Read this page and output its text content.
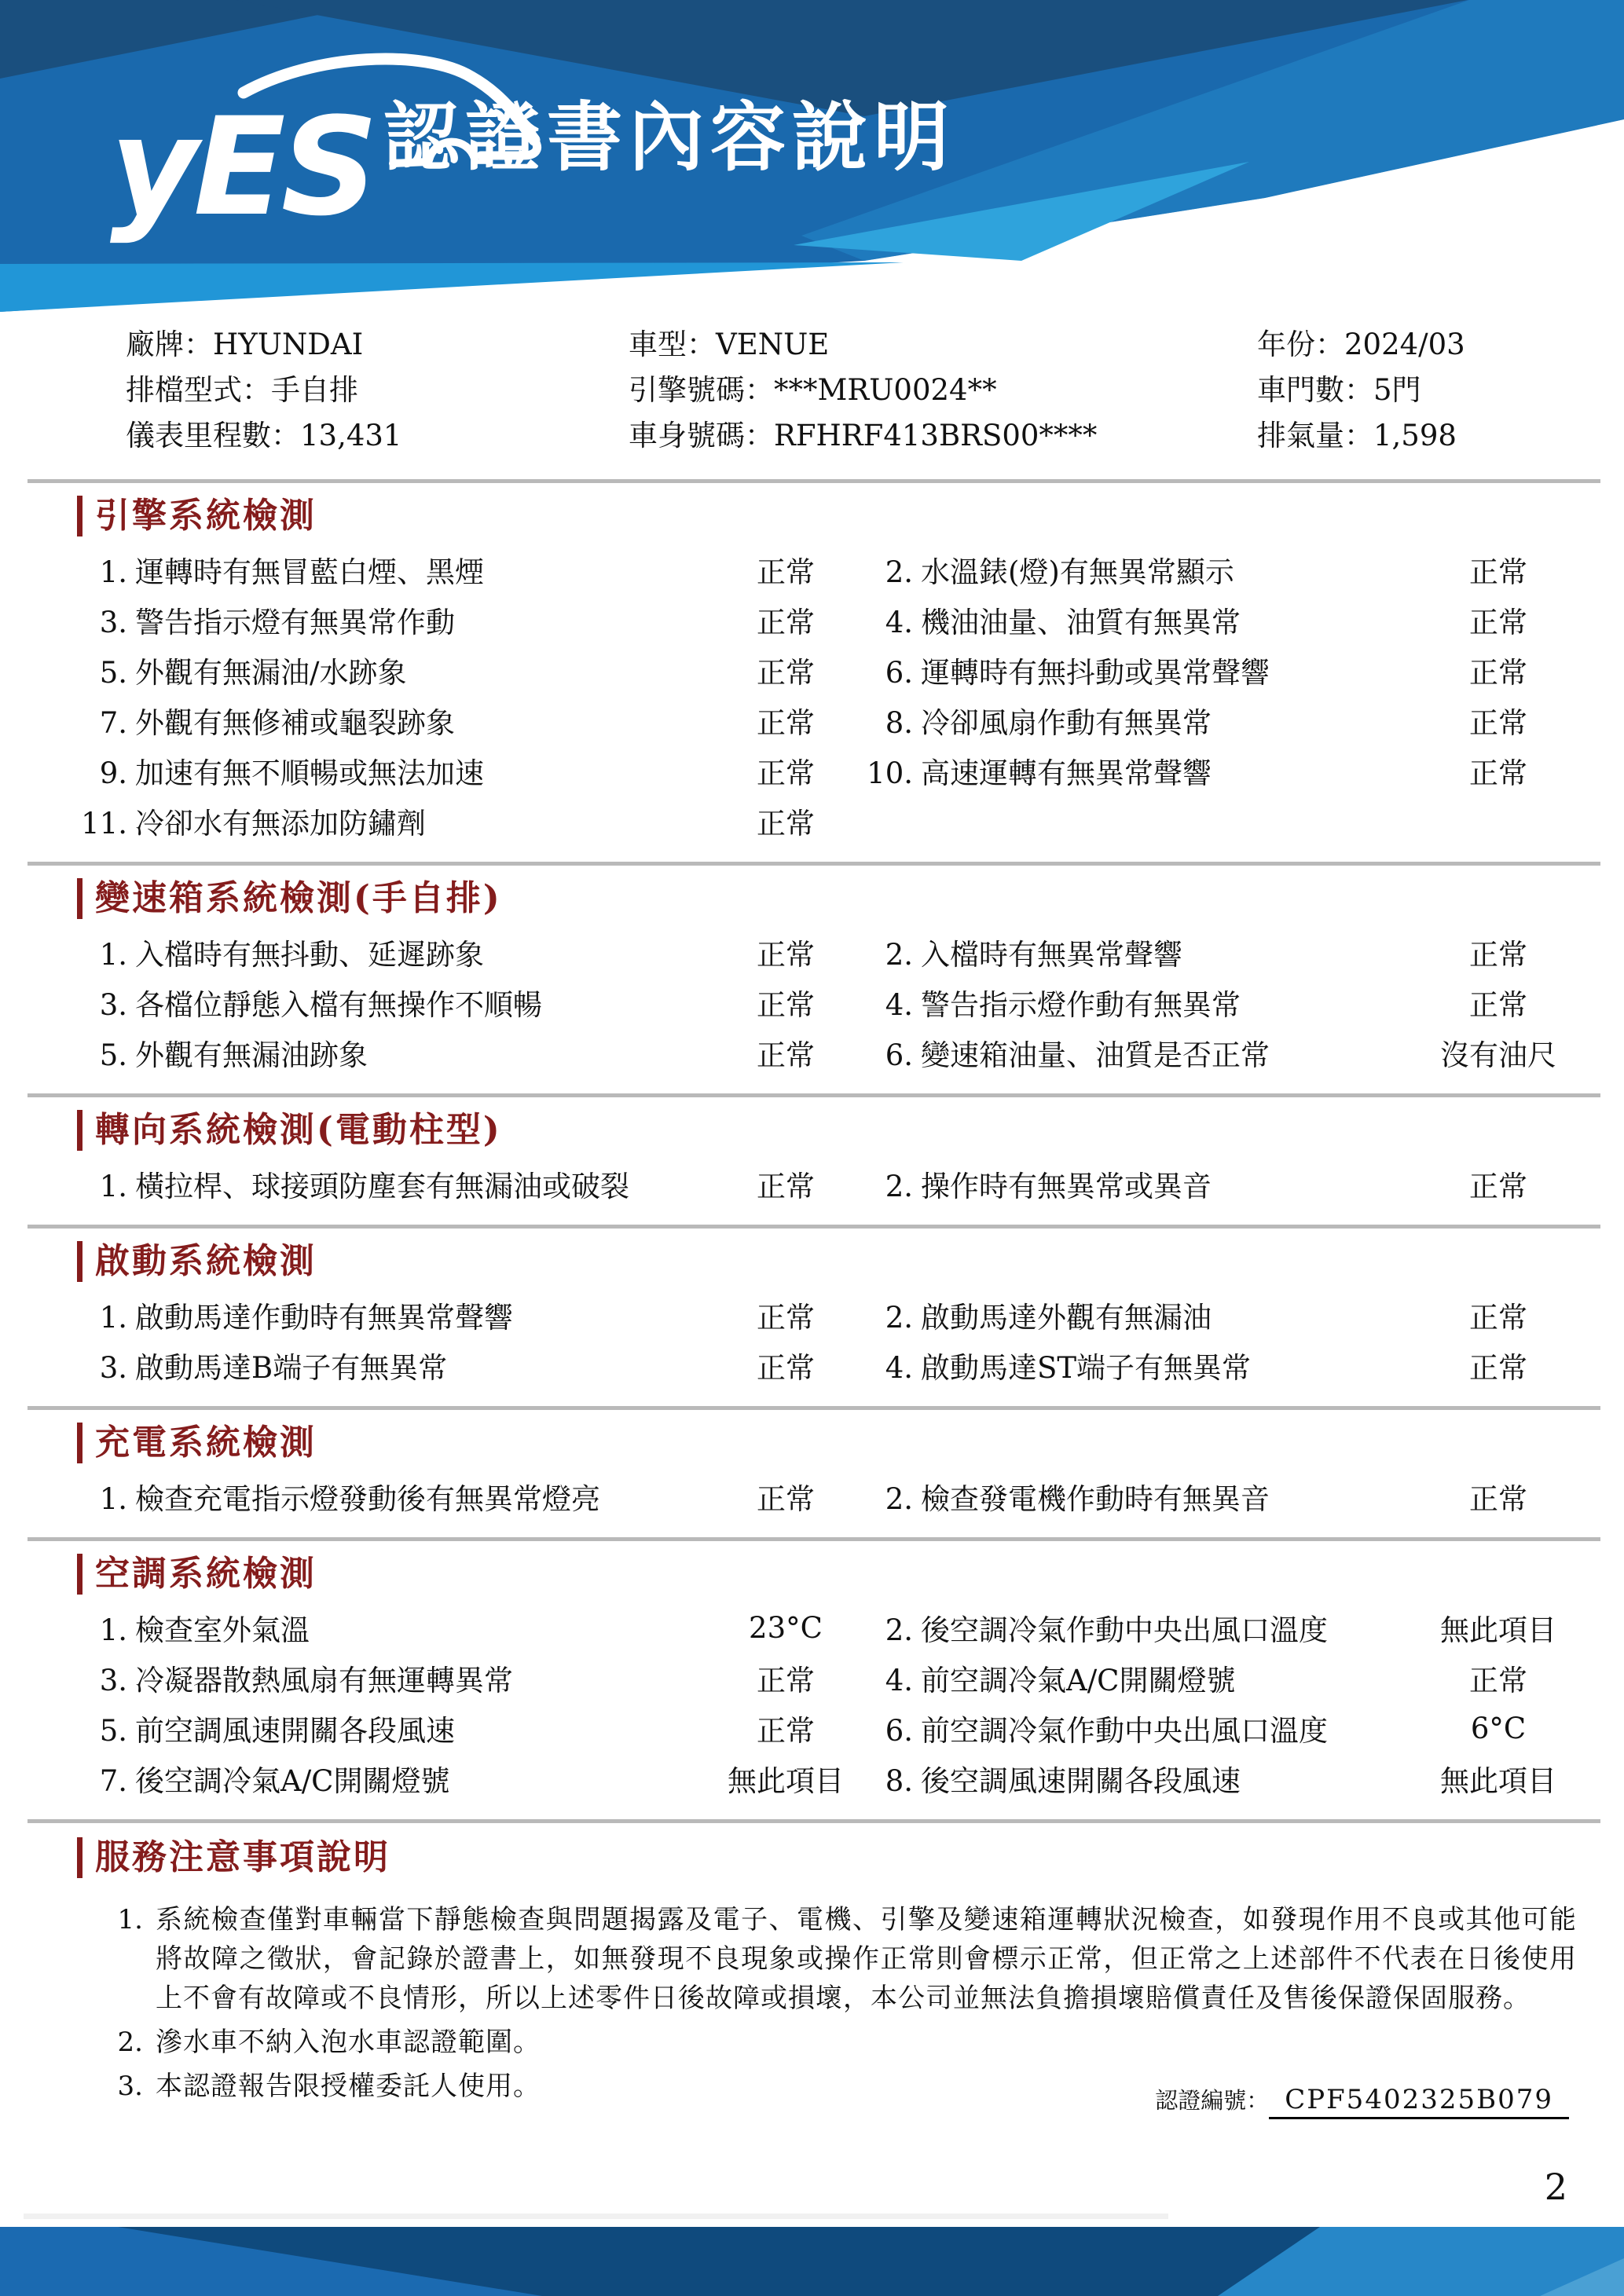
yES 認證書內容說明
廠牌：HYUNDAI
排檔型式：手自排
儀表里程數：13,431
車型：VENUE
引擎號碼：***MRU0024**
車身號碼：RFHRF413BRS00****
年份：2024/03
車門數：5門
排氣量：1,598
引擎系統檢測
1. 運轉時有無冒藍白煙、黑煙	正常	2. 水溫錶(燈)有無異常顯示	正常
3. 警告指示燈有無異常作動	正常	4. 機油油量、油質有無異常	正常
5. 外觀有無漏油/水跡象	正常	6. 運轉時有無抖動或異常聲響	正常
7. 外觀有無修補或龜裂跡象	正常	8. 冷卻風扇作動有無異常	正常
9. 加速有無不順暢或無法加速	正常	10. 高速運轉有無異常聲響	正常
11. 冷卻水有無添加防鏽劑	正常
變速箱系統檢測(手自排)
1. 入檔時有無抖動、延遲跡象	正常	2. 入檔時有無異常聲響	正常
3. 各檔位靜態入檔有無操作不順暢	正常	4. 警告指示燈作動有無異常	正常
5. 外觀有無漏油跡象	正常	6. 變速箱油量、油質是否正常	沒有油尺
轉向系統檢測(電動柱型)
1. 橫拉桿、球接頭防塵套有無漏油或破裂	正常	2. 操作時有無異常或異音	正常
啟動系統檢測
1. 啟動馬達作動時有無異常聲響	正常	2. 啟動馬達外觀有無漏油	正常
3. 啟動馬達B端子有無異常	正常	4. 啟動馬達ST端子有無異常	正常
充電系統檢測
1. 檢查充電指示燈發動後有無異常燈亮	正常	2. 檢查發電機作動時有無異音	正常
空調系統檢測
1. 檢查室外氣溫	23°C	2. 後空調冷氣作動中央出風口溫度	無此項目
3. 冷凝器散熱風扇有無運轉異常	正常	4. 前空調冷氣A/C開關燈號	正常
5. 前空調風速開關各段風速	正常	6. 前空調冷氣作動中央出風口溫度	6°C
7. 後空調冷氣A/C開關燈號	無此項目	8. 後空調風速開關各段風速	無此項目
服務注意事項說明
1. 系統檢查僅對車輛當下靜態檢查與問題揭露及電子、電機、引擎及變速箱運轉狀況檢查，如發現作用不良或其他可能將故障之徵狀，會記錄於證書上，如無發現不良現象或操作正常則會標示正常，但正常之上述部件不代表在日後使用上不會有故障或不良情形，所以上述零件日後故障或損壞，本公司並無法負擔損壞賠償責任及售後保證保固服務。
2. 滲水車不納入泡水車認證範圍。
3. 本認證報告限授權委託人使用。	認證編號： CPF5402325B079
2
